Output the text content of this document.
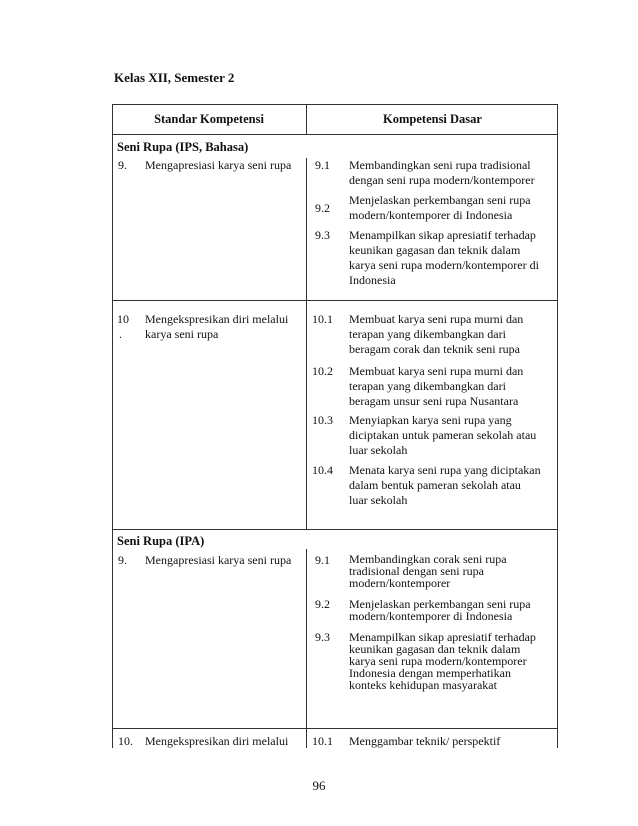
Kelas XII, Semester 2
Standar Kompetensi	Kompetensi Dasar
Seni Rupa (IPS, Bahasa)
9. Mengapresiasi karya seni rupa 9.1 Membandingkan seni rupa tradisional
dengan seni rupa modern/kontemporer
9.2
Menjelaskan perkembangan seni rupa
modern/kontemporer di Indonesia
9.3 Menampilkan sikap apresiatif terhadap
keunikan gagasan dan teknik dalam
karya seni rupa modern/kontemporer di
Indonesia
10
.
Mengekspresikan diri melalui
karya seni rupa
10.1 Membuat karya seni rupa murni dan
terapan yang dikembangkan dari
beragam corak dan teknik seni rupa
10.2 Membuat karya seni rupa murni dan
terapan yang dikembangkan dari
beragam unsur seni rupa Nusantara
10.3 Menyiapkan karya seni rupa yang
diciptakan untuk pameran sekolah atau
luar sekolah
10.4 Menata karya seni rupa yang diciptakan
dalam bentuk pameran sekolah atau
luar sekolah
Seni Rupa (IPA)
9. Mengapresiasi karya seni rupa 9.1 Membandingkan corak seni rupa
tradisional dengan seni rupa
modern/kontemporer
9.2 Menjelaskan perkembangan seni rupa
modern/kontemporer di Indonesia
9.3 Menampilkan sikap apresiatif terhadap
keunikan gagasan dan teknik dalam
karya seni rupa modern/kontemporer
Indonesia dengan memperhatikan
konteks kehidupan masyarakat
10. Mengekspresikan diri melalui 10.1 Menggambar teknik/ perspektif
96
